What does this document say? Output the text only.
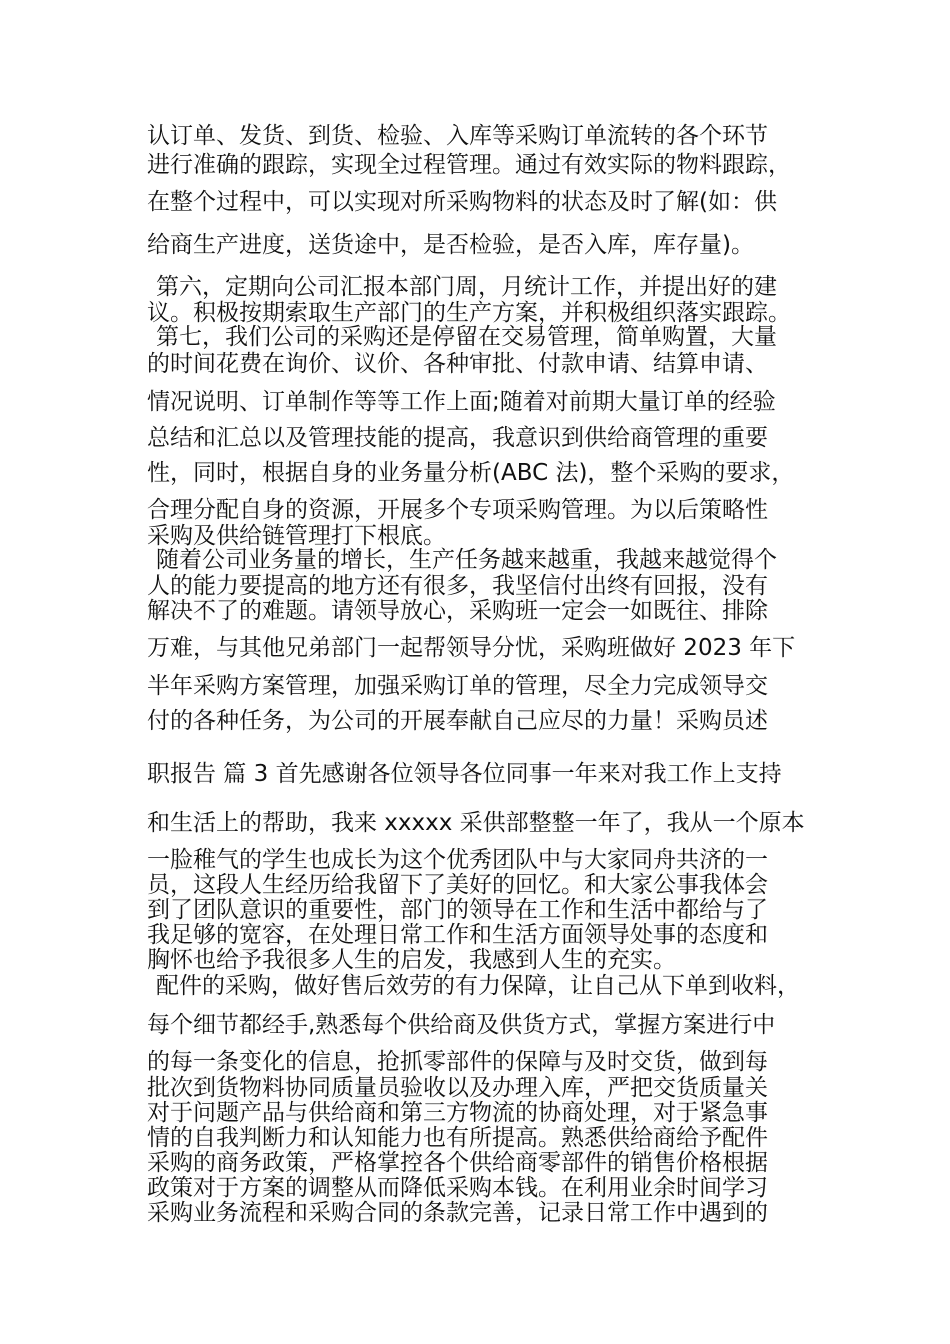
认订单、发货、到货、检验、入库等采购订单流转的各个环节
进行准确的跟踪，实现全过程管理。通过有效实际的物料跟踪，
在整个过程中，可以实现对所采购物料的状态及时了解(如：供
给商生产进度，送货途中，是否检验，是否入库，库存量)。
第六，定期向公司汇报本部门周，月统计工作，并提出好的建
议。积极按期索取生产部门的生产方案，并积极组织落实跟踪。
第七，我们公司的采购还是停留在交易管理，简单购置，大量
的时间花费在询价、议价、各种审批、付款申请、结算申请、
情况说明、订单制作等等工作上面;随着对前期大量订单的经验
总结和汇总以及管理技能的提高，我意识到供给商管理的重要
性，同时，根据自身的业务量分析(ABC 法)，整个采购的要求，
合理分配自身的资源，开展多个专项采购管理。为以后策略性
采购及供给链管理打下根底。
随着公司业务量的增长，生产任务越来越重，我越来越觉得个
人的能力要提高的地方还有很多，我坚信付出终有回报，没有
解决不了的难题。请领导放心，采购班一定会一如既往、排除
万难，与其他兄弟部门一起帮领导分忧，采购班做好 2023 年下
半年采购方案管理，加强采购订单的管理，尽全力完成领导交
付的各种任务，为公司的开展奉献自己应尽的力量！采购员述
职报告 篇 3 首先感谢各位领导各位同事一年来对我工作上支持
和生活上的帮助，我来 xxxxx 采供部整整一年了，我从一个原本
一脸稚气的学生也成长为这个优秀团队中与大家同舟共济的一
员，这段人生经历给我留下了美好的回忆。和大家公事我体会
到了团队意识的重要性，部门的领导在工作和生活中都给与了
我足够的宽容，在处理日常工作和生活方面领导处事的态度和
胸怀也给予我很多人生的启发，我感到人生的充实。
配件的采购，做好售后效劳的有力保障，让自己从下单到收料，
每个细节都经手,熟悉每个供给商及供货方式，掌握方案进行中
的每一条变化的信息，抢抓零部件的保障与及时交货，做到每
批次到货物料协同质量员验收以及办理入库，严把交货质量关
对于问题产品与供给商和第三方物流的协商处理，对于紧急事
情的自我判断力和认知能力也有所提高。熟悉供给商给予配件
采购的商务政策，严格掌控各个供给商零部件的销售价格根据
政策对于方案的调整从而降低采购本钱。在利用业余时间学习
采购业务流程和采购合同的条款完善，记录日常工作中遇到的
